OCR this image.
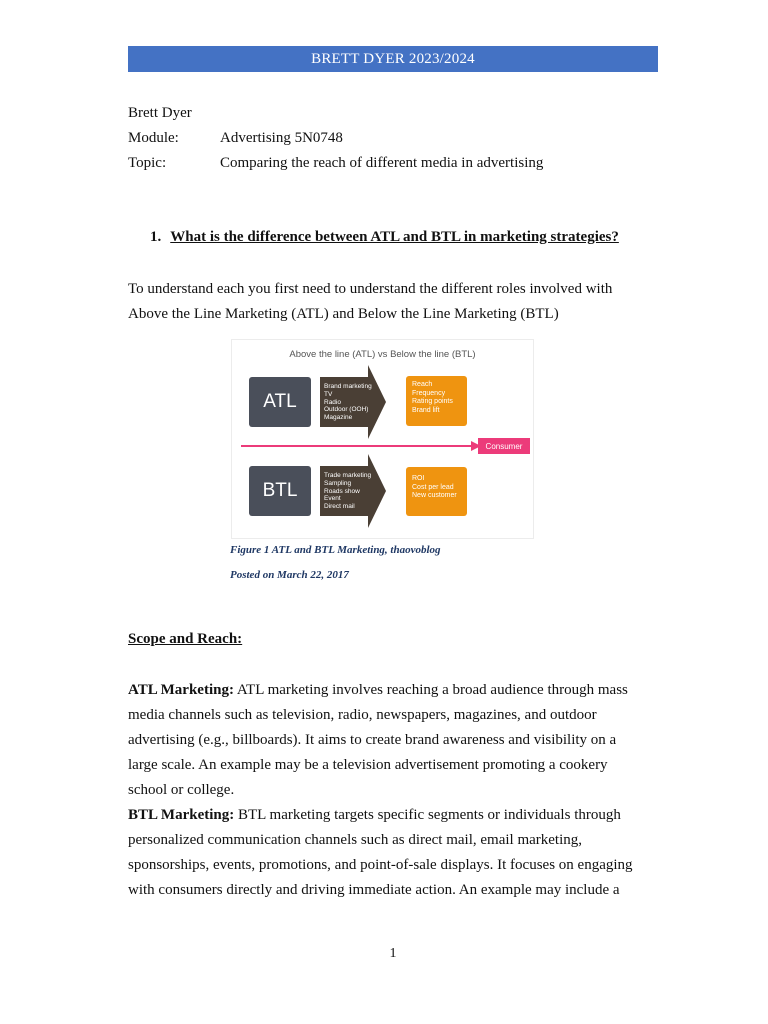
BRETT DYER 2023/2024
Brett Dyer
Module:	Advertising 5N0748
Topic:	Comparing the reach of different media in advertising
1. What is the difference between ATL and BTL in marketing strategies?
To understand each you first need to understand the different roles involved with
Above the Line Marketing (ATL) and Below the Line Marketing (BTL)
Above the line (ATL) vs Below the line (BTL)
ATL
Brand marketing
TV
Radio
Outdoor (OOH)
Magazine
Reach
Frequency
Rating points
Brand lift
Consumer
BTL
Trade marketing
Sampling
Roads show
Event
Direct mail
ROI
Cost per lead
New customer
Figure 1 ATL and BTL Marketing, thaovoblog
Posted on March 22, 2017
Scope and Reach:
ATL Marketing: ATL marketing involves reaching a broad audience through mass
media channels such as television, radio, newspapers, magazines, and outdoor
advertising (e.g., billboards). It aims to create brand awareness and visibility on a
large scale. An example may be a television advertisement promoting a cookery
school or college.
BTL Marketing: BTL marketing targets specific segments or individuals through
personalized communication channels such as direct mail, email marketing,
sponsorships, events, promotions, and point-of-sale displays. It focuses on engaging
with consumers directly and driving immediate action. An example may include a
1
